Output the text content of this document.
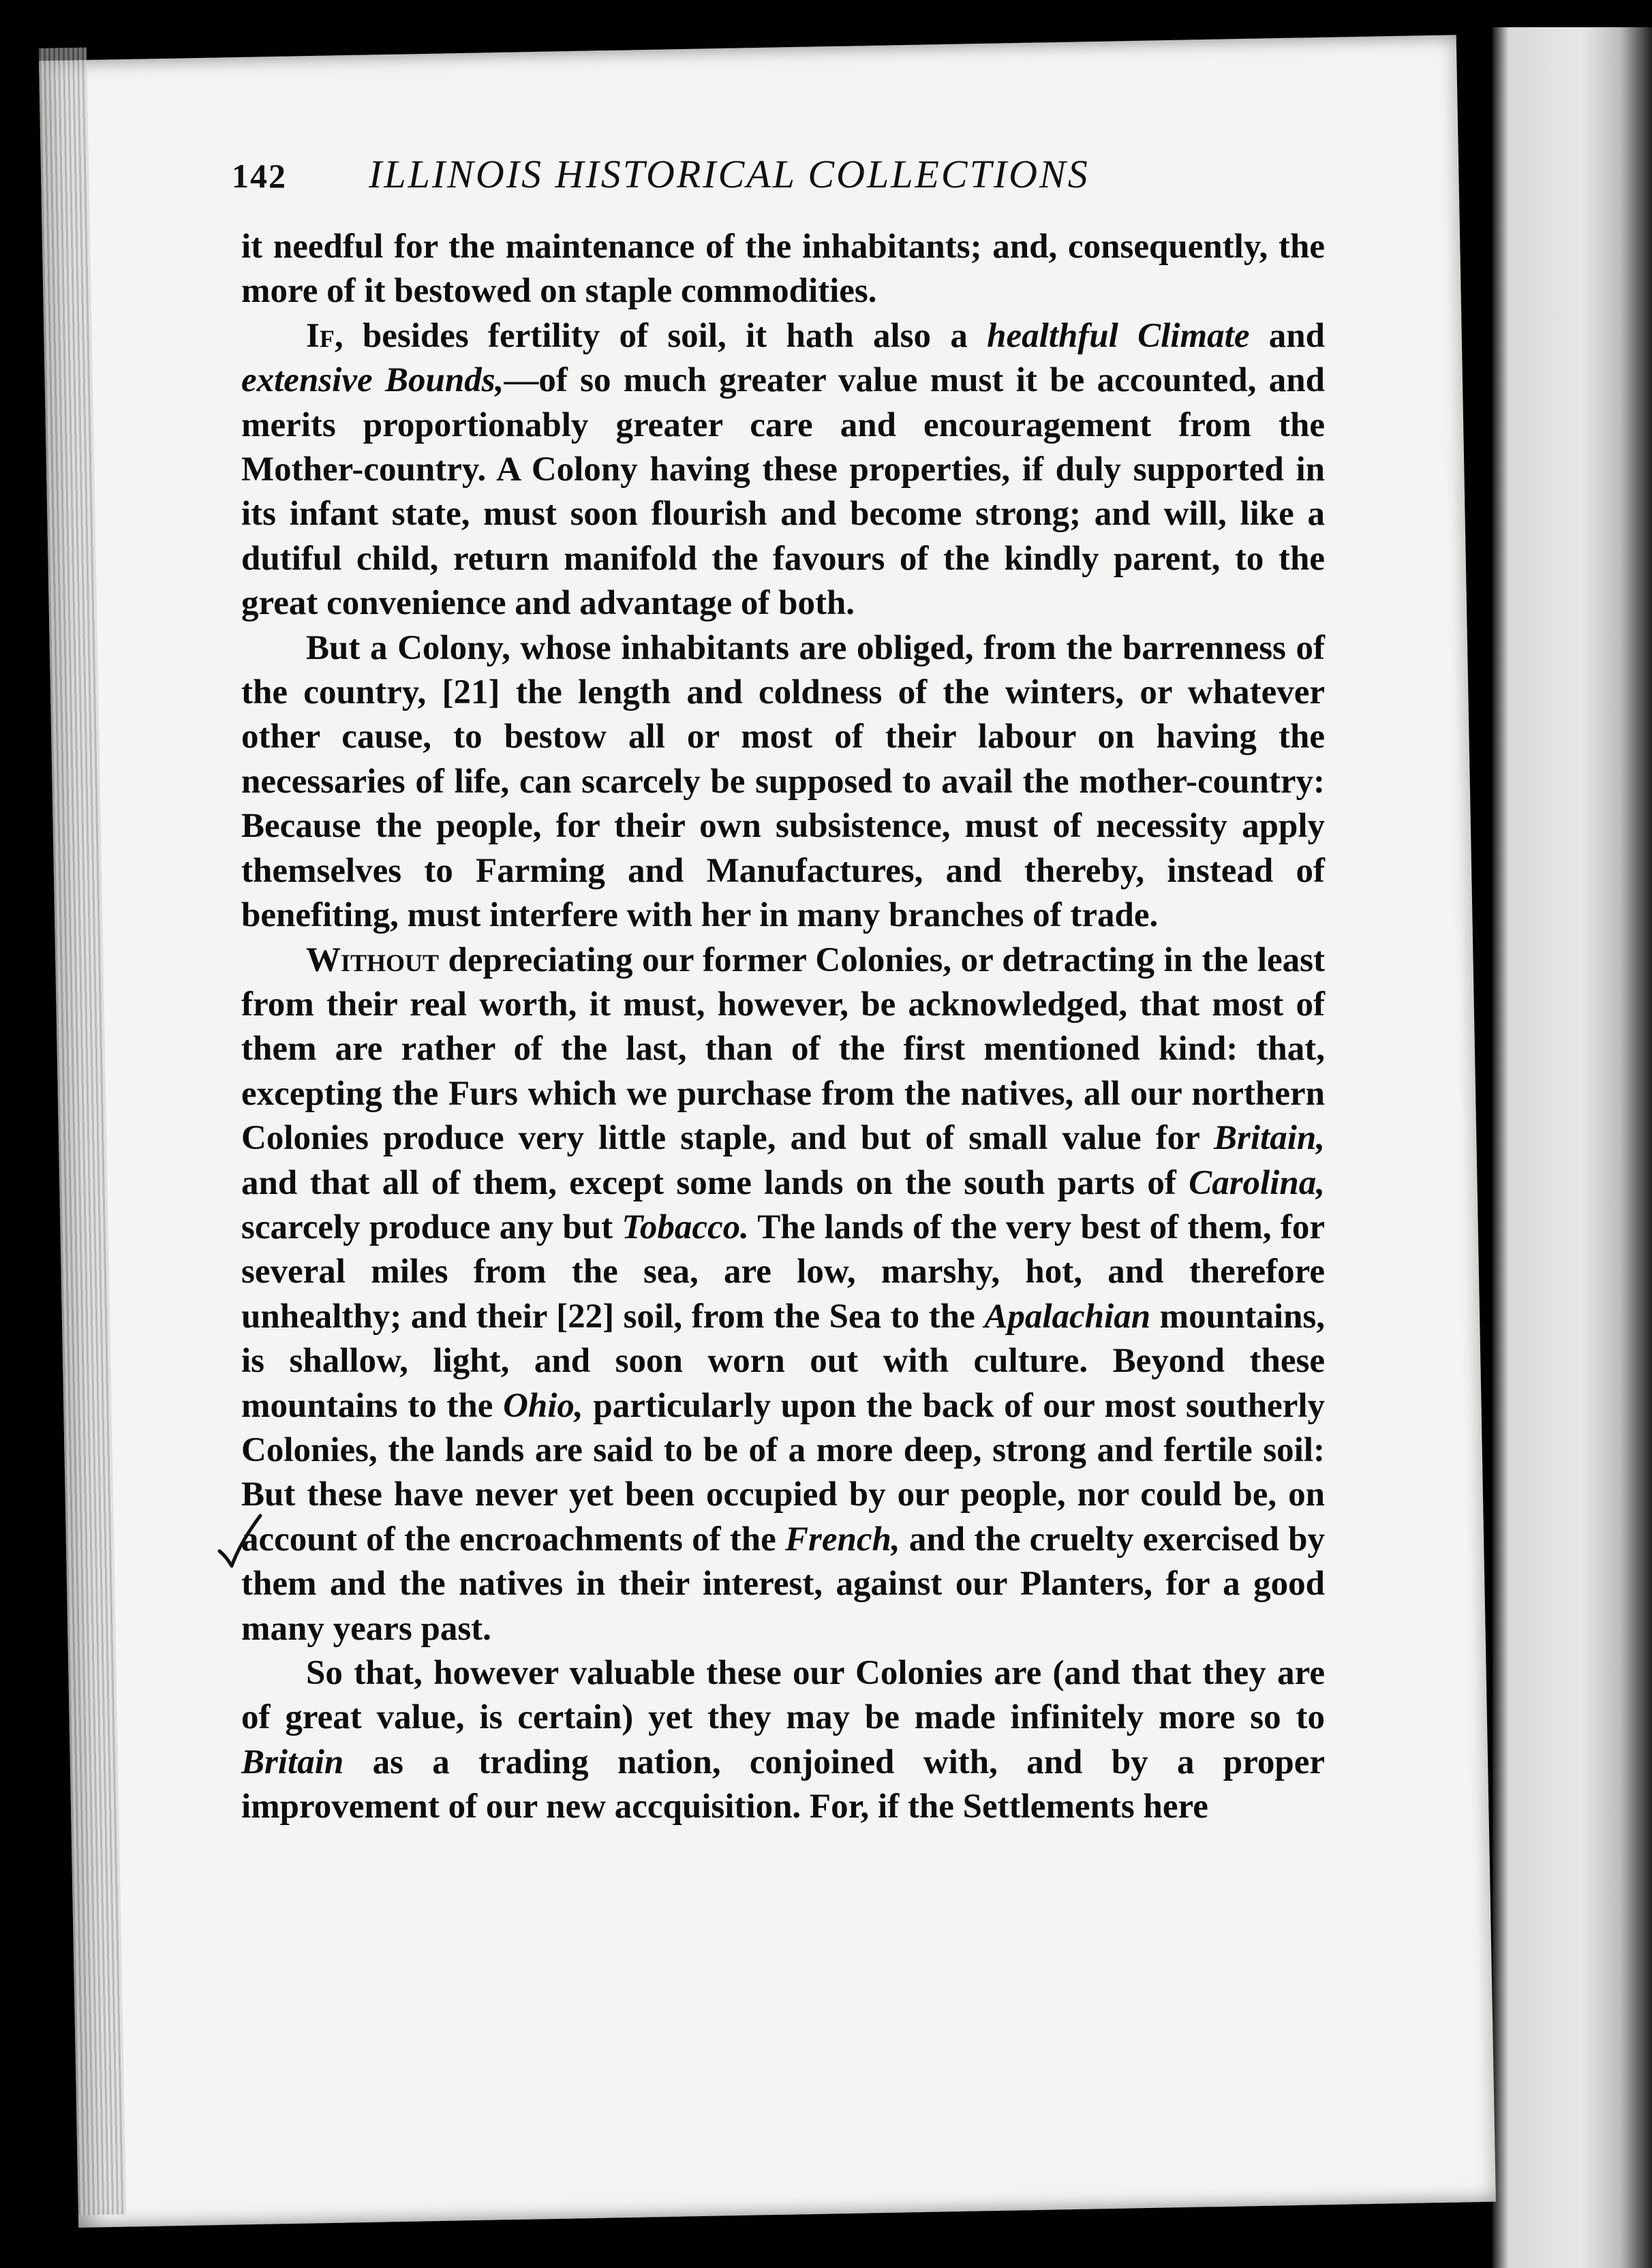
142 ILLINOIS HISTORICAL COLLECTIONS

it needful for the maintenance of the inhabitants; and, consequently, the more of it bestowed on staple commodities.

If, besides fertility of soil, it hath also a healthful Climate and extensive Bounds,—of so much greater value must it be accounted, and merits proportionably greater care and encouragement from the Mother-country. A Colony having these properties, if duly supported in its infant state, must soon flourish and become strong; and will, like a dutiful child, return manifold the favours of the kindly parent, to the great convenience and advantage of both.

But a Colony, whose inhabitants are obliged, from the barrenness of the country, [21] the length and coldness of the winters, or whatever other cause, to bestow all or most of their labour on having the necessaries of life, can scarcely be supposed to avail the mother-country: Because the people, for their own subsistence, must of necessity apply themselves to Farming and Manufactures, and thereby, instead of benefiting, must interfere with her in many branches of trade.

Without depreciating our former Colonies, or detracting in the least from their real worth, it must, however, be acknowledged, that most of them are rather of the last, than of the first mentioned kind: that, excepting the Furs which we purchase from the natives, all our northern Colonies produce very little staple, and but of small value for Britain, and that all of them, except some lands on the south parts of Carolina, scarcely produce any but Tobacco. The lands of the very best of them, for several miles from the sea, are low, marshy, hot, and therefore unhealthy; and their [22] soil, from the Sea to the Apalachian mountains, is shallow, light, and soon worn out with culture. Beyond these mountains to the Ohio, particularly upon the back of our most southerly Colonies, the lands are said to be of a more deep, strong and fertile soil: But these have never yet been occupied by our people, nor could be, on account of the encroachments of the French, and the cruelty exercised by them and the natives in their interest, against our Planters, for a good many years past.

So that, however valuable these our Colonies are (and that they are of great value, is certain) yet they may be made infinitely more so to Britain as a trading nation, conjoined with, and by a proper improvement of our new accquisition. For, if the Settlements here
